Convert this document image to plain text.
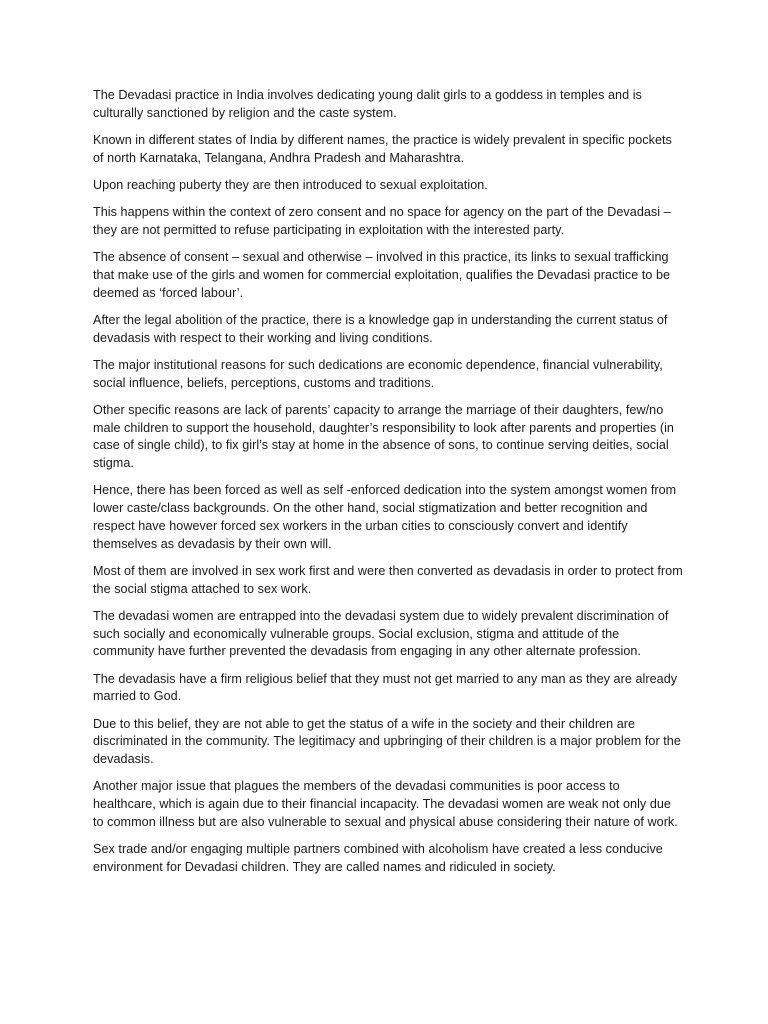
The Devadasi practice in India involves dedicating young dalit girls to a goddess in temples and is culturally sanctioned by religion and the caste system.

Known in different states of India by different names, the practice is widely prevalent in specific pockets of north Karnataka, Telangana, Andhra Pradesh and Maharashtra.

Upon reaching puberty they are then introduced to sexual exploitation.

This happens within the context of zero consent and no space for agency on the part of the Devadasi – they are not permitted to refuse participating in exploitation with the interested party.

The absence of consent – sexual and otherwise – involved in this practice, its links to sexual trafficking that make use of the girls and women for commercial exploitation, qualifies the Devadasi practice to be deemed as ‘forced labour’.

After the legal abolition of the practice, there is a knowledge gap in understanding the current status of devadasis with respect to their working and living conditions.

The major institutional reasons for such dedications are economic dependence, financial vulnerability, social influence, beliefs, perceptions, customs and traditions.

Other specific reasons are lack of parents’ capacity to arrange the marriage of their daughters, few/no male children to support the household, daughter’s responsibility to look after parents and properties (in case of single child), to fix girl’s stay at home in the absence of sons, to continue serving deities, social stigma.

Hence, there has been forced as well as self -enforced dedication into the system amongst women from lower caste/class backgrounds. On the other hand, social stigmatization and better recognition and respect have however forced sex workers in the urban cities to consciously convert and identify themselves as devadasis by their own will.

Most of them are involved in sex work first and were then converted as devadasis in order to protect from the social stigma attached to sex work.

The devadasi women are entrapped into the devadasi system due to widely prevalent discrimination of such socially and economically vulnerable groups. Social exclusion, stigma and attitude of the community have further prevented the devadasis from engaging in any other alternate profession.

The devadasis have a firm religious belief that they must not get married to any man as they are already married to God.

Due to this belief, they are not able to get the status of a wife in the society and their children are discriminated in the community. The legitimacy and upbringing of their children is a major problem for the devadasis.

Another major issue that plagues the members of the devadasi communities is poor access to healthcare, which is again due to their financial incapacity. The devadasi women are weak not only due to common illness but are also vulnerable to sexual and physical abuse considering their nature of work.

Sex trade and/or engaging multiple partners combined with alcoholism have created a less conducive environment for Devadasi children. They are called names and ridiculed in society.
